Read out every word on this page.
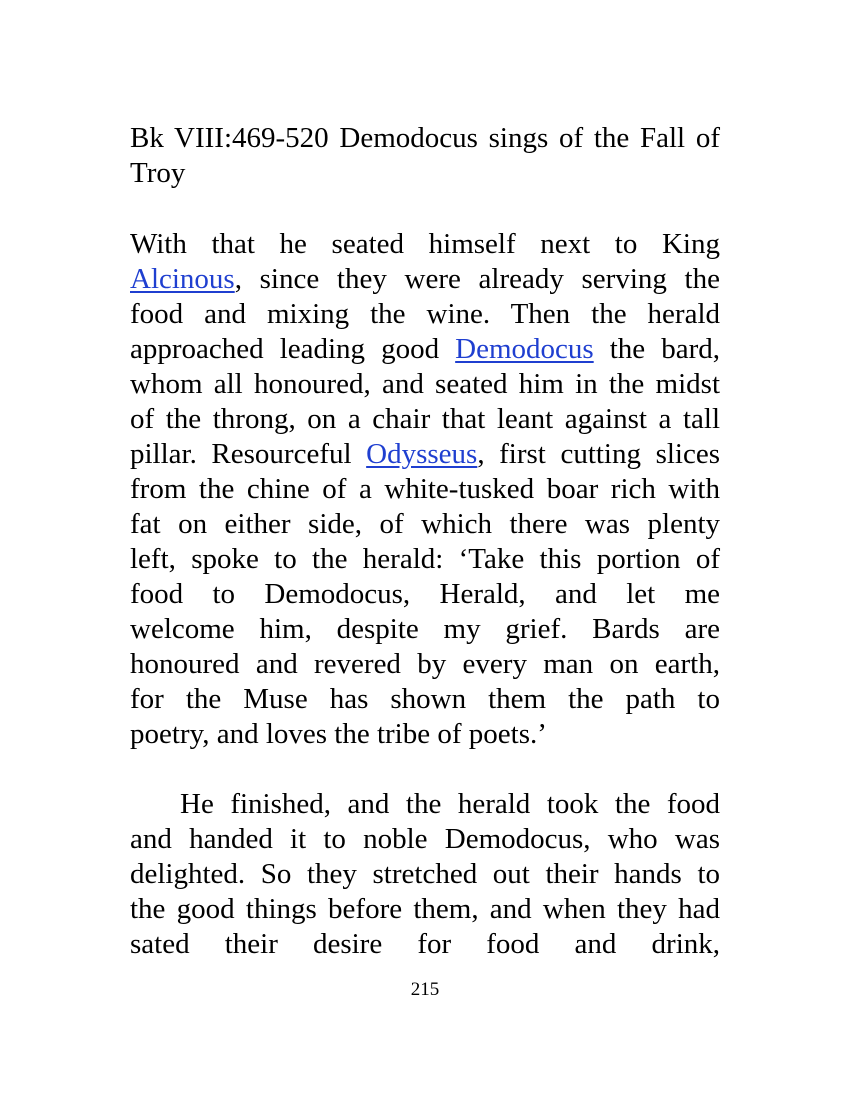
Bk VIII:469-520 Demodocus sings of the Fall of Troy
With that he seated himself next to King
Alcinous, since they were already serving the
food and mixing the wine. Then the herald
approached leading good Demodocus the bard,
whom all honoured, and seated him in the midst
of the throng, on a chair that leant against a tall
pillar. Resourceful Odysseus, first cutting slices
from the chine of a white-tusked boar rich with
fat on either side, of which there was plenty
left, spoke to the herald: ‘Take this portion of
food to Demodocus, Herald, and let me
welcome him, despite my grief. Bards are
honoured and revered by every man on earth,
for the Muse has shown them the path to
poetry, and loves the tribe of poets.’
He finished, and the herald took the food
and handed it to noble Demodocus, who was
delighted. So they stretched out their hands to
the good things before them, and when they had
sated their desire for food and drink,
215
